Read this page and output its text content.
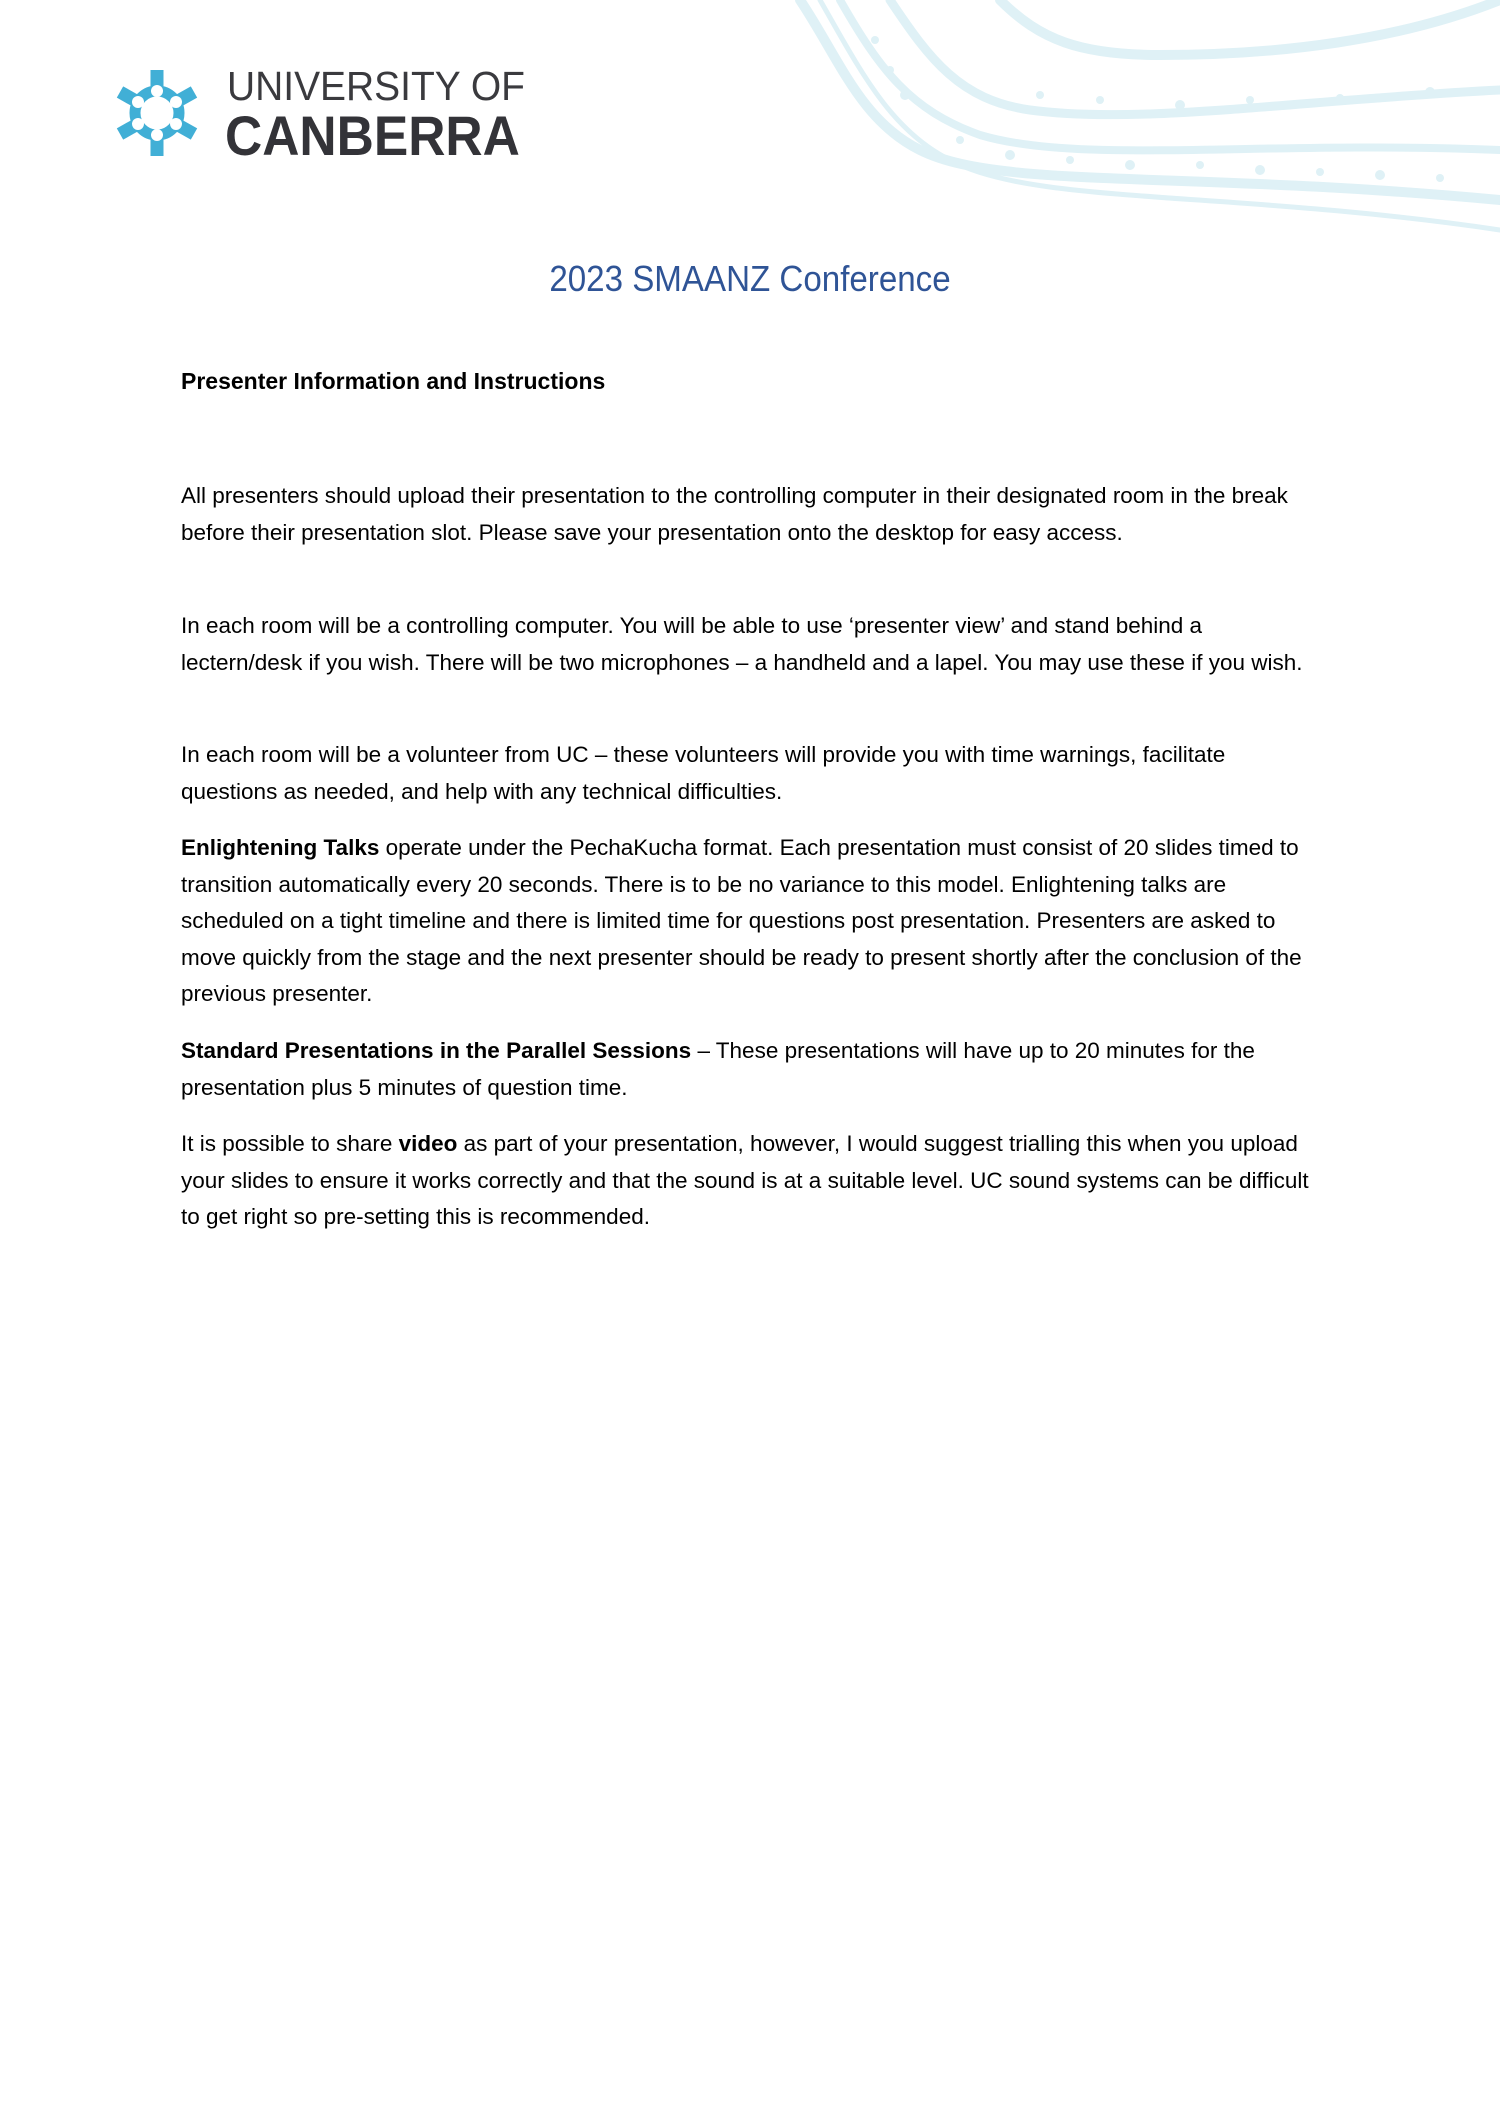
UNIVERSITY OF
CANBERRA
2023 SMAANZ Conference
Presenter Information and Instructions

All presenters should upload their presentation to the controlling computer in their designated room in the break before their presentation slot. Please save your presentation onto the desktop for easy access.

In each room will be a controlling computer. You will be able to use ‘presenter view’ and stand behind a lectern/desk if you wish. There will be two microphones – a handheld and a lapel. You may use these if you wish.

In each room will be a volunteer from UC – these volunteers will provide you with time warnings, facilitate questions as needed, and help with any technical difficulties.

Enlightening Talks operate under the PechaKucha format. Each presentation must consist of 20 slides timed to transition automatically every 20 seconds. There is to be no variance to this model. Enlightening talks are scheduled on a tight timeline and there is limited time for questions post presentation. Presenters are asked to move quickly from the stage and the next presenter should be ready to present shortly after the conclusion of the previous presenter.

Standard Presentations in the Parallel Sessions – These presentations will have up to 20 minutes for the presentation plus 5 minutes of question time.

It is possible to share video as part of your presentation, however, I would suggest trialling this when you upload your slides to ensure it works correctly and that the sound is at a suitable level. UC sound systems can be difficult to get right so pre-setting this is recommended.
